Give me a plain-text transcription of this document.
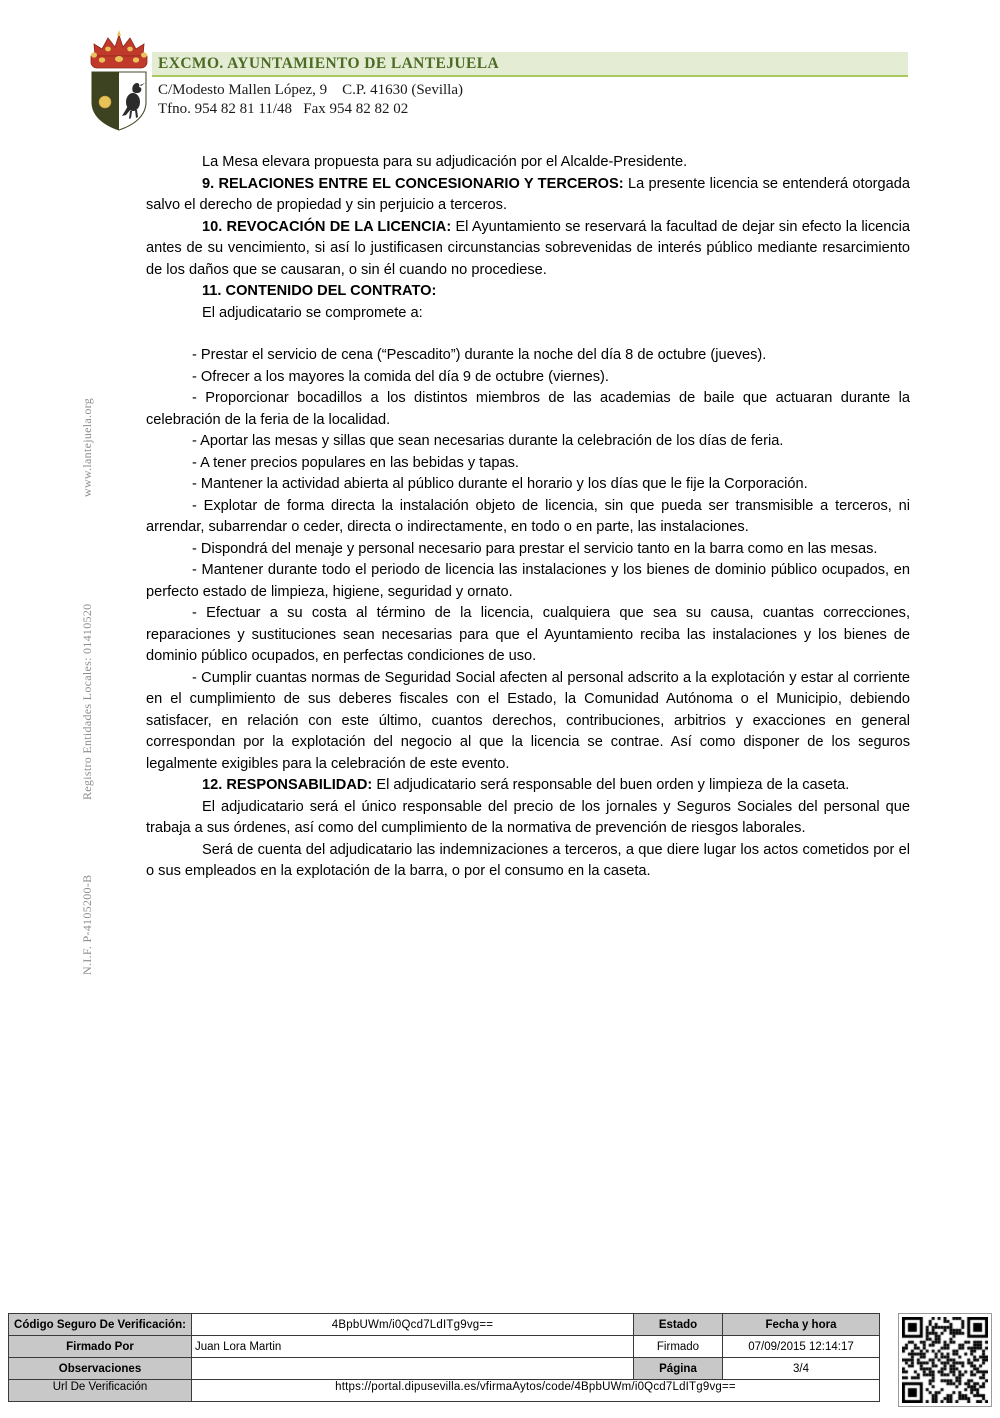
EXCMO. AYUNTAMIENTO DE LANTEJUELA
C/Modesto Mallen López, 9    C.P. 41630 (Sevilla)
Tfno. 954 82 81 11/48   Fax 954 82 82 02
www.lantejuela.org
Registro Entidades Locales: 01410520
N.I.F. P-4105200-B

La Mesa elevara propuesta para su adjudicación por el Alcalde-Presidente.

9. RELACIONES ENTRE EL CONCESIONARIO Y TERCEROS: La presente licencia se entenderá otorgada salvo el derecho de propiedad y sin perjuicio a terceros.

10. REVOCACIÓN DE LA LICENCIA: El Ayuntamiento se reservará la facultad de dejar sin efecto la licencia antes de su vencimiento, si así lo justificasen circunstancias sobrevenidas de interés público mediante resarcimiento de los daños que se causaran, o sin él cuando no procediese.

11. CONTENIDO DEL CONTRATO:

El adjudicatario se compromete a:

- Prestar el servicio de cena (“Pescadito”) durante la noche del día 8 de octubre (jueves).

- Ofrecer a los mayores la comida del día 9 de octubre (viernes).

- Proporcionar bocadillos a los distintos miembros de las academias de baile que actuaran durante la celebración de la feria de la localidad.

- Aportar las mesas y sillas que sean necesarias durante la celebración de los días de feria.

- A tener precios populares en las bebidas y tapas.

- Mantener la actividad abierta al público durante el horario y los días que le fije la Corporación.

- Explotar de forma directa la instalación objeto de licencia, sin que pueda ser transmisible a terceros, ni arrendar, subarrendar o ceder, directa o indirectamente, en todo o en parte, las instalaciones.

- Dispondrá del menaje y personal necesario para prestar el servicio tanto en la barra como en las mesas.

- Mantener durante todo el periodo de licencia las instalaciones y los bienes de dominio público ocupados, en perfecto estado de limpieza, higiene, seguridad y ornato.

- Efectuar a su costa al término de la licencia, cualquiera que sea su causa, cuantas correcciones, reparaciones y sustituciones sean necesarias para que el Ayuntamiento reciba las instalaciones y los bienes de dominio público ocupados, en perfectas condiciones de uso.

- Cumplir cuantas normas de Seguridad Social afecten al personal adscrito a la explotación y estar al corriente en el cumplimiento de sus deberes fiscales con el Estado, la Comunidad Autónoma o el Municipio, debiendo satisfacer, en relación con este último, cuantos derechos, contribuciones, arbitrios y exacciones en general correspondan por la explotación del negocio al que la licencia se contrae. Así como disponer de los seguros legalmente exigibles para la celebración de este evento.

12. RESPONSABILIDAD: El adjudicatario será responsable del buen orden y limpieza de la caseta.

El adjudicatario será el único responsable del precio de los jornales y Seguros Sociales del personal que trabaja a sus órdenes, así como del cumplimiento de la normativa de prevención de riesgos laborales.

Será de cuenta del adjudicatario las indemnizaciones a terceros, a que diere lugar los actos cometidos por el o sus empleados en la explotación de la barra, o por el consumo en la caseta.

Código Seguro De Verificación:	4BpbUWm/i0Qcd7LdITg9vg==	Estado	Fecha y hora
Firmado Por	Juan Lora Martin	Firmado	07/09/2015 12:14:17
Observaciones		Página	3/4
Url De Verificación	https://portal.dipusevilla.es/vfirmaAytos/code/4BpbUWm/i0Qcd7LdITg9vg==		
